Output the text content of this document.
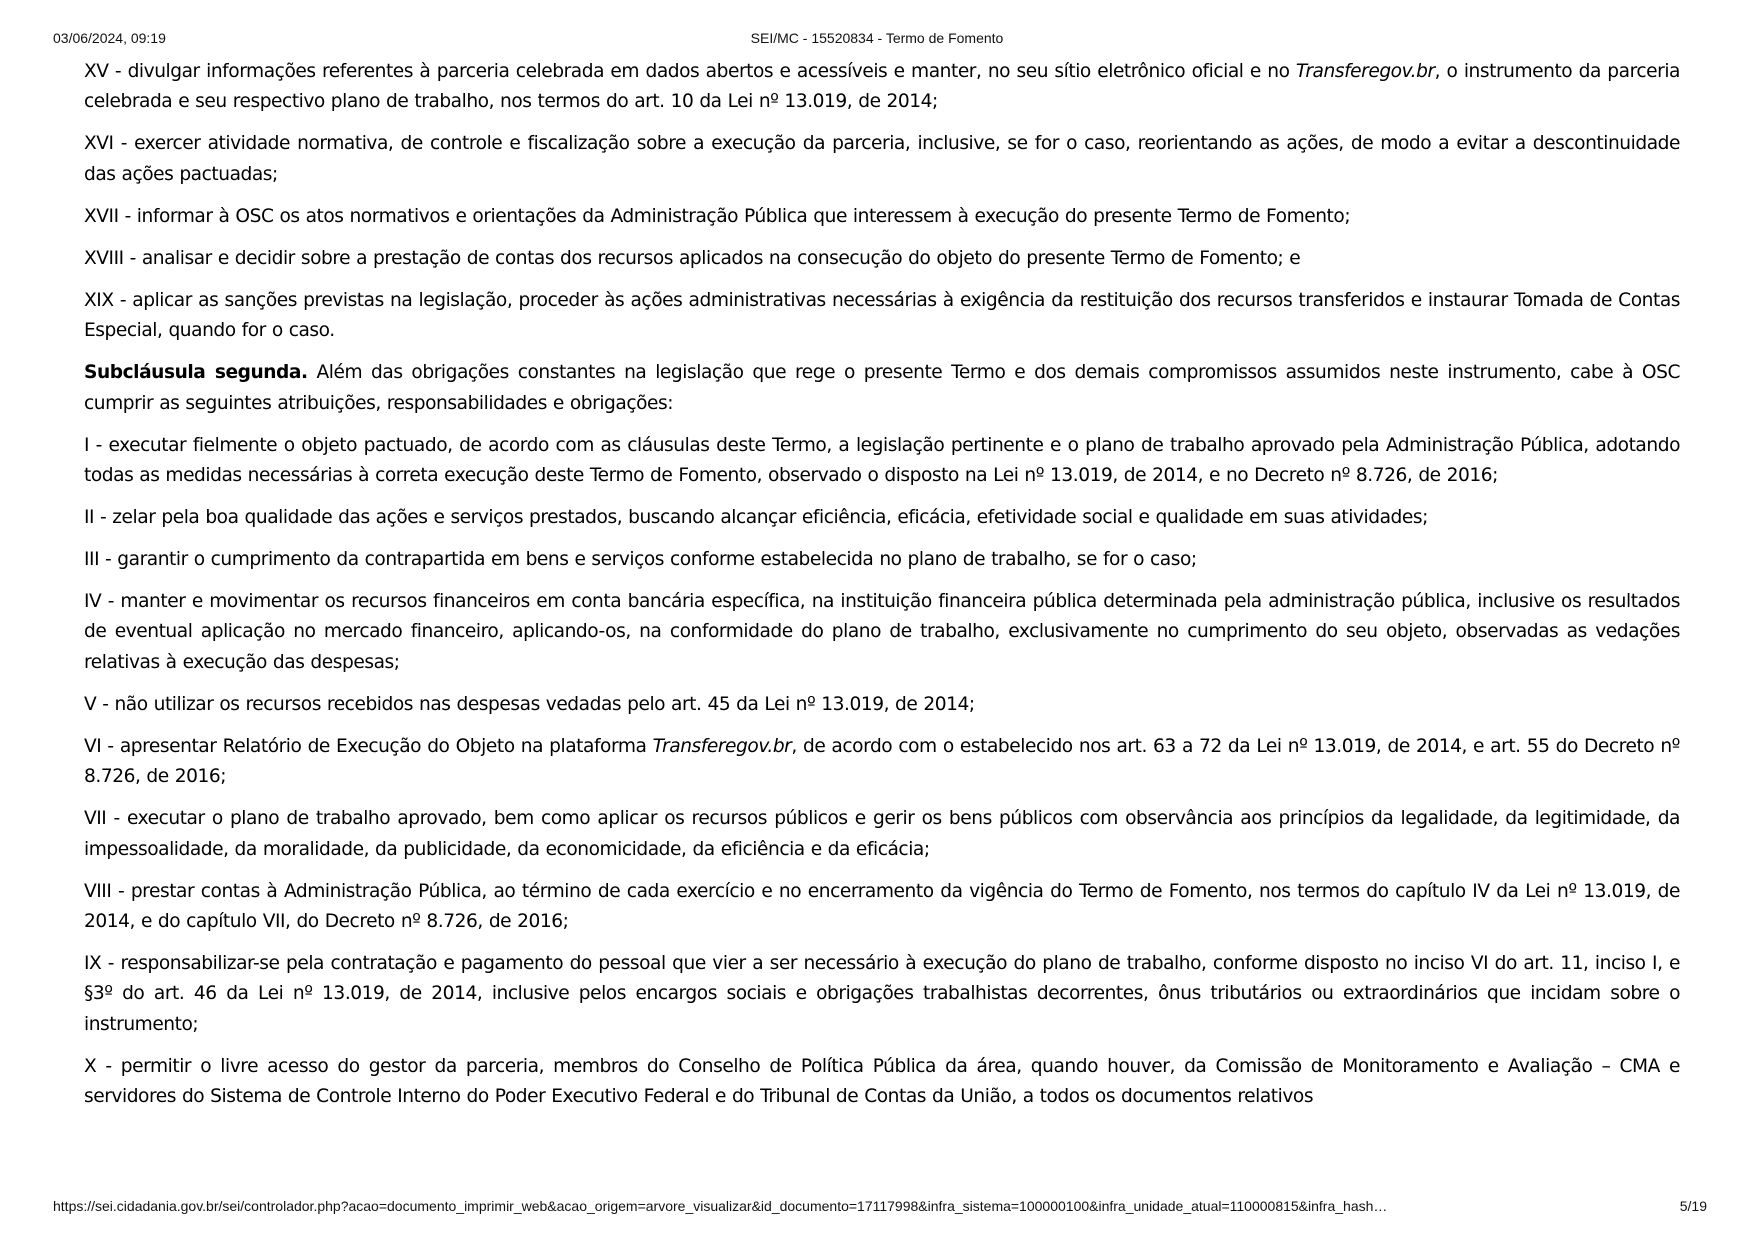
03/06/2024, 09:19	SEI/MC - 15520834 - Termo de Fomento

XV - divulgar informações referentes à parceria celebrada em dados abertos e acessíveis e manter, no seu sítio eletrônico oficial e no Transferegov.br, o instrumento da parceria celebrada e seu respectivo plano de trabalho, nos termos do art. 10 da Lei nº 13.019, de 2014;

XVI - exercer atividade normativa, de controle e fiscalização sobre a execução da parceria, inclusive, se for o caso, reorientando as ações, de modo a evitar a descontinuidade das ações pactuadas;

XVII - informar à OSC os atos normativos e orientações da Administração Pública que interessem à execução do presente Termo de Fomento;

XVIII - analisar e decidir sobre a prestação de contas dos recursos aplicados na consecução do objeto do presente Termo de Fomento; e

XIX - aplicar as sanções previstas na legislação, proceder às ações administrativas necessárias à exigência da restituição dos recursos transferidos e instaurar Tomada de Contas Especial, quando for o caso.

Subcláusula segunda. Além das obrigações constantes na legislação que rege o presente Termo e dos demais compromissos assumidos neste instrumento, cabe à OSC cumprir as seguintes atribuições, responsabilidades e obrigações:

I - executar fielmente o objeto pactuado, de acordo com as cláusulas deste Termo, a legislação pertinente e o plano de trabalho aprovado pela Administração Pública, adotando todas as medidas necessárias à correta execução deste Termo de Fomento, observado o disposto na Lei nº 13.019, de 2014, e no Decreto nº 8.726, de 2016;

II - zelar pela boa qualidade das ações e serviços prestados, buscando alcançar eficiência, eficácia, efetividade social e qualidade em suas atividades;

III - garantir o cumprimento da contrapartida em bens e serviços conforme estabelecida no plano de trabalho, se for o caso;

IV - manter e movimentar os recursos financeiros em conta bancária específica, na instituição financeira pública determinada pela administração pública, inclusive os resultados de eventual aplicação no mercado financeiro, aplicando-os, na conformidade do plano de trabalho, exclusivamente no cumprimento do seu objeto, observadas as vedações relativas à execução das despesas;

V - não utilizar os recursos recebidos nas despesas vedadas pelo art. 45 da Lei nº 13.019, de 2014;

VI - apresentar Relatório de Execução do Objeto na plataforma Transferegov.br, de acordo com o estabelecido nos art. 63 a 72 da Lei nº 13.019, de 2014, e art. 55 do Decreto nº 8.726, de 2016;

VII - executar o plano de trabalho aprovado, bem como aplicar os recursos públicos e gerir os bens públicos com observância aos princípios da legalidade, da legitimidade, da impessoalidade, da moralidade, da publicidade, da economicidade, da eficiência e da eficácia;

VIII - prestar contas à Administração Pública, ao término de cada exercício e no encerramento da vigência do Termo de Fomento, nos termos do capítulo IV da Lei nº 13.019, de 2014, e do capítulo VII, do Decreto nº 8.726, de 2016;

IX - responsabilizar-se pela contratação e pagamento do pessoal que vier a ser necessário à execução do plano de trabalho, conforme disposto no inciso VI do art. 11, inciso I, e §3º do art. 46 da Lei nº 13.019, de 2014, inclusive pelos encargos sociais e obrigações trabalhistas decorrentes, ônus tributários ou extraordinários que incidam sobre o instrumento;

X - permitir o livre acesso do gestor da parceria, membros do Conselho de Política Pública da área, quando houver, da Comissão de Monitoramento e Avaliação – CMA e servidores do Sistema de Controle Interno do Poder Executivo Federal e do Tribunal de Contas da União, a todos os documentos relativos

https://sei.cidadania.gov.br/sei/controlador.php?acao=documento_imprimir_web&acao_origem=arvore_visualizar&id_documento=17117998&infra_sistema=100000100&infra_unidade_atual=110000815&infra_hash…	5/19
